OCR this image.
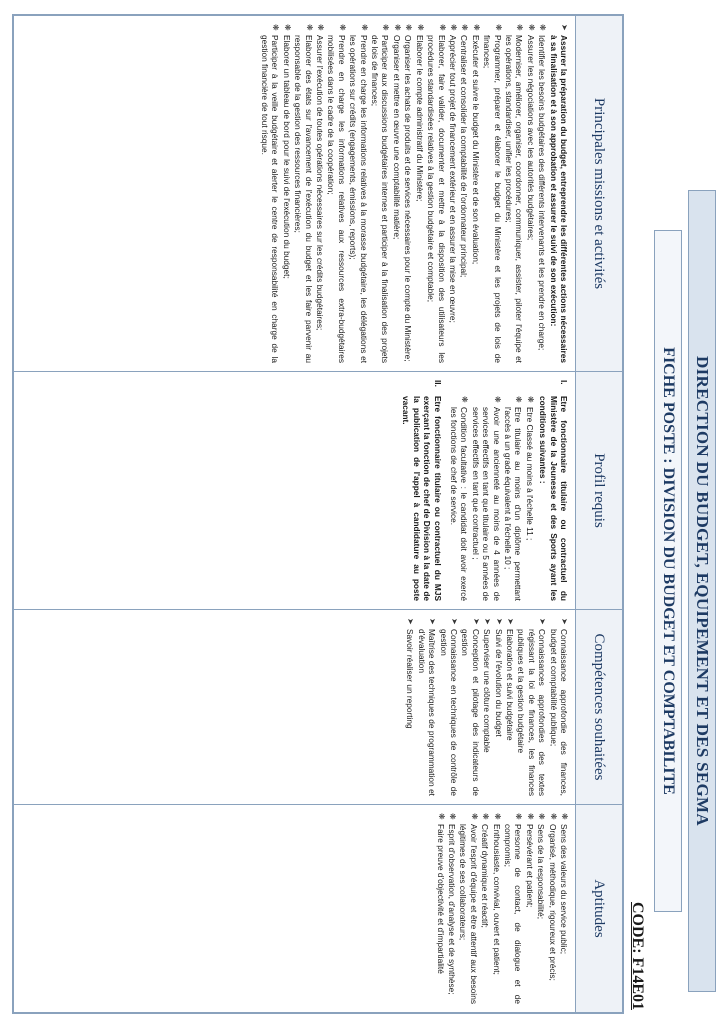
DIRECTION DU BUDGET, EQUIPEMENT ET DES SEGMA
FICHE POSTE : DIVISION DU BUDGET ET COMPTABILITE
CODE: F14E01
Principales missions et activités
➤
Assurer la préparation du budget, entreprendre les différentes actions nécessaires à sa finalisation et à son approbation et assurer le suivi de son exécution:
❋
Identifier les besoins budgétaires des différents intervenants et les prendre en charge;
❋
Assurer les négociations avec les autorités budgétaires;
❋
Moderniser, améliorer, organiser, coordonner, communiquer, assister, piloter l'équipe et les opérations, standardiser, unifier les procédures;
❋
Programmer, préparer et élaborer le budget du Ministère et les projets de lois de finances;
❋
Exécuter et suivre le budget du Ministère et de son évaluation;
❋
Centraliser et consolider la comptabilité de l'ordonnateur principal;
❋
Apprécier tout projet de financement extérieur et en assurer la mise en œuvre;
❋
Elaborer, faire valider, documenter et mettre à la disposition des utilisateurs les procédures standardisées relatives à la gestion budgétaire et comptable;
❋
Elaborer le compte administratif du Ministère;
❋
Organiser les achats de produits et de services nécessaires pour le compte du Ministère;
❋
Organiser et mettre en œuvre une comptabilité matière;
❋
Participer aux discussions budgétaires internes et participer à la finalisation des projets de lois de finances;
❋
Prendre en charge les informations relatives à la morasse budgétaire, les délégations et les opérations sur crédits (engagements, émissions, reports);
❋
Prendre en charge les informations relatives aux ressources extra-budgétaires mobilisées dans le cadre de la coopération;
❋
Assurer l'exécution de toutes opérations nécessaires sur les crédits budgétaires;
❋
Elaborer des états sur l'avancement de l'exécution du budget et les faire parvenir au responsable de la gestion des ressources financières;
❋
Elaborer un tableau de bord pour le suivi de l'exécution du budget;
❋
Participer à la veille budgétaire et alerter le centre de responsabilité en charge de la gestion financière de tout risque.
Profil requis
I.
Etre fonctionnaire titulaire ou contractuel du Ministère de la Jeunesse et des Sports ayant les conditions suivantes :
❋
Etre Classé au moins à l'échelle 11 ;
❋
Etre titulaire au moins d'un diplôme permettant l'accès à un grade équivalent à l'échelle 10 ;
❋
Avoir une ancienneté au moins de 4 années de services effectifs en tant que titulaire ou 5 années de services effectifs en tant que contractuel ;
❋
Condition facultative : le candidat doit avoir exercé les fonctions de chef de service.
II.
Etre fonctionnaire titulaire ou contractuel du MJS exerçant la fonction de chef de Division à la date de la publication de l'appel à candidature au poste vacant.
Compétences souhaitées
➤
Connaissance approfondie des finances, budget et comptabilité publique;
➤
Connaissances approfondies des textes régissant la loi de finances, les finances publiques et la gestion budgétaire
➤
Elaboration et suivi budgétaire
➤
Suivi de l'évolution du budget
➤
Superviser une clôture comptable
➤
Conception et pilotage des indicateurs de gestion
➤
Connaissance en techniques de contrôle de gestion
➤
Maîtrise des techniques de programmation et d'évaluation
➤
Savoir réaliser un reporting
Aptitudes
❋
Sens des valeurs du service public;
❋
Organisé, méthodique, rigoureux et précis;
❋
Sens de la responsabilité;
❋
Persévérant et patient;
❋
Personne de contact, de dialogue et de compromis;
❋
Enthousiaste, convivial, ouvert et patient;
❋
Créatif dynamique et réactif;
❋
Avoir l'esprit d'équipe et être attentif aux besoins légitimes de ses collaborateurs;
❋
Esprit d'observation, d'analyse et de synthèse;
❋
Faire preuve d'objectivité et d'impartialité
